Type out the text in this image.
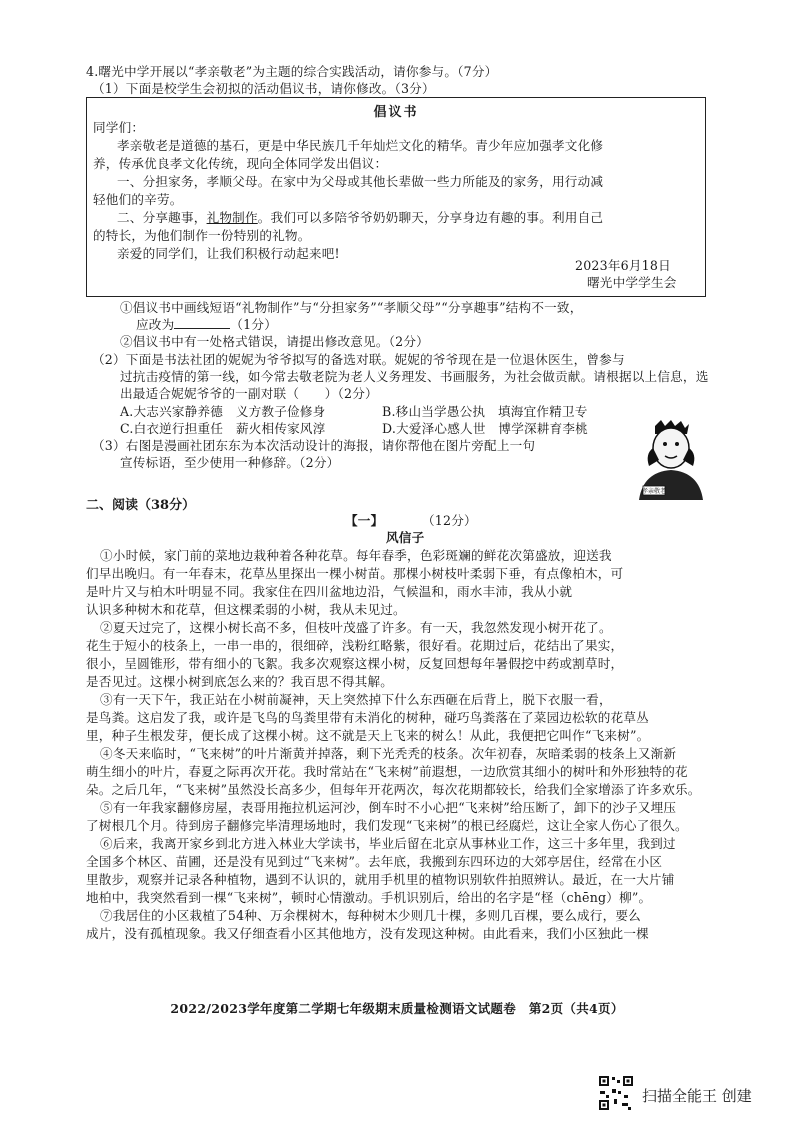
4.曙光中学开展以“孝亲敬老”为主题的综合实践活动，请你参与。（7分）
（1）下面是校学生会初拟的活动倡议书，请你修改。（3分）
倡议书
同学们：
孝亲敬老是道德的基石，更是中华民族几千年灿烂文化的精华。青少年应加强孝文化修
养，传承优良孝文化传统，现向全体同学发出倡议：
一、分担家务，孝顺父母。在家中为父母或其他长辈做一些力所能及的家务，用行动减
轻他们的辛劳。
二、分享趣事，礼物制作。我们可以多陪爷爷奶奶聊天，分享身边有趣的事。利用自己
的特长，为他们制作一份特别的礼物。
亲爱的同学们，让我们积极行动起来吧!
2023年6月18日
曙光中学学生会
①倡议书中画线短语“礼物制作”与“分担家务”“孝顺父母”“分享趣事”结构不一致，
应改为	（1分）
②倡议书中有一处格式错误，请提出修改意见。（2分）
（2）下面是书法社团的妮妮为爷爷拟写的备选对联。妮妮的爷爷现在是一位退休医生，曾参与
过抗击疫情的第一线，如今常去敬老院为老人义务理发、书画服务，为社会做贡献。请根据以上信息，选
出最适合妮妮爷爷的一副对联（　　）（2分）
A.大志兴家静养德　义方教子俭修身	B.移山当学愚公执　填海宜作精卫专
C.白衣逆行担重任　薪火相传家风淳	D.大爱泽心感人世　博学深耕育李桃
（3）右图是漫画社团东东为本次活动设计的海报，请你帮他在图片旁配上一句
宣传标语，至少使用一种修辞。（2分）
孝亲敬老
二、阅读（38分）
【一】	（12分）
风信子
①小时候，家门前的菜地边栽种着各种花草。每年春季，色彩斑斓的鲜花次第盛放，迎送我
们早出晚归。有一年春末，花草丛里探出一棵小树苗。那棵小树枝叶柔弱下垂，有点像柏木，可
是叶片又与柏木叶明显不同。我家住在四川盆地边沿，气候温和，雨水丰沛，我从小就
认识多种树木和花草，但这棵柔弱的小树，我从未见过。
②夏天过完了，这棵小树长高不多，但枝叶茂盛了许多。有一天，我忽然发现小树开花了。
花生于短小的枝条上，一串一串的，很细碎，浅粉红略紫，很好看。花期过后，花结出了果实，
很小，呈圆锥形，带有细小的飞絮。我多次观察这棵小树，反复回想每年暑假挖中药或割草时，
是否见过。这棵小树到底怎么来的？我百思不得其解。
③有一天下午，我正站在小树前凝神，天上突然掉下什么东西砸在后背上，脱下衣服一看，
是鸟粪。这启发了我，或许是飞鸟的鸟粪里带有未消化的树种，碰巧鸟粪落在了菜园边松软的花草丛
里，种子生根发芽，便长成了这棵小树。这不就是天上飞来的树么！从此，我便把它叫作“飞来树”。
④冬天来临时，“飞来树”的叶片渐黄并掉落，剩下光秃秃的枝条。次年初春，灰暗柔弱的枝条上又渐新
萌生细小的叶片，春夏之际再次开花。我时常站在“飞来树”前遐想，一边欣赏其细小的树叶和外形独特的花
朵。之后几年，“飞来树”虽然没长高多少，但每年开花两次，每次花期都较长，给我们全家增添了许多欢乐。
⑤有一年我家翻修房屋，表哥用拖拉机运河沙，倒车时不小心把“飞来树”给压断了，卸下的沙子又埋压
了树根几个月。待到房子翻修完毕清理场地时，我们发现“飞来树”的根已经腐烂，这让全家人伤心了很久。
⑥后来，我离开家乡到北方进入林业大学读书，毕业后留在北京从事林业工作，这三十多年里，我到过
全国多个林区、苗圃，还是没有见到过“飞来树”。去年底，我搬到东四环边的大郊亭居住，经常在小区
里散步，观察并记录各种植物，遇到不认识的，就用手机里的植物识别软件拍照辨认。最近，在一大片铺
地柏中，我突然看到一棵“飞来树”，顿时心情激动。手机识别后，给出的名字是“柽（chēng）柳”。
⑦我居住的小区栽植了54种、万余棵树木，每种树木少则几十棵，多则几百棵，要么成行，要么
成片，没有孤植现象。我又仔细查看小区其他地方，没有发现这种树。由此看来，我们小区独此一棵
2022/2023学年度第二学期七年级期末质量检测语文试题卷　第2页（共4页）
扫描全能王 创建
